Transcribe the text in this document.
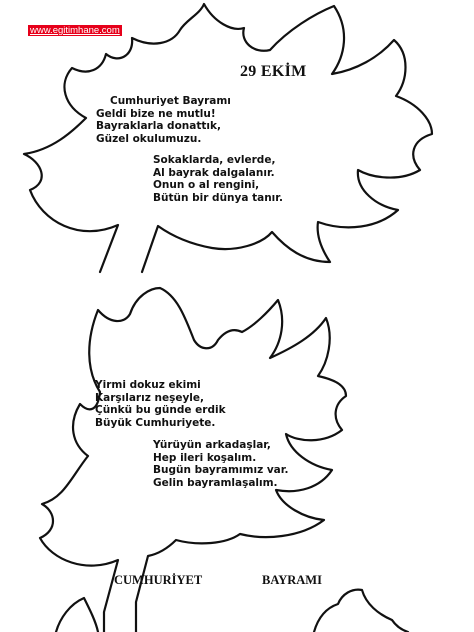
www.egitimhane.com
29 EKİM

Cumhuriyet Bayramı
Geldi bize ne mutlu!
Bayraklarla donattık,
Güzel okulumuzu.

Sokaklarda, evlerde,
Al bayrak dalgalanır.
Onun o al rengini,
Bütün bir dünya tanır.

Yirmi dokuz ekimi
Karşılarız neşeyle,
Çünkü bu günde erdik
Büyük Cumhuriyete.

Yürüyün arkadaşlar,
Hep ileri koşalım.
Bugün bayramımız var.
Gelin bayramlaşalım.

CUMHURİYET	BAYRAMI
